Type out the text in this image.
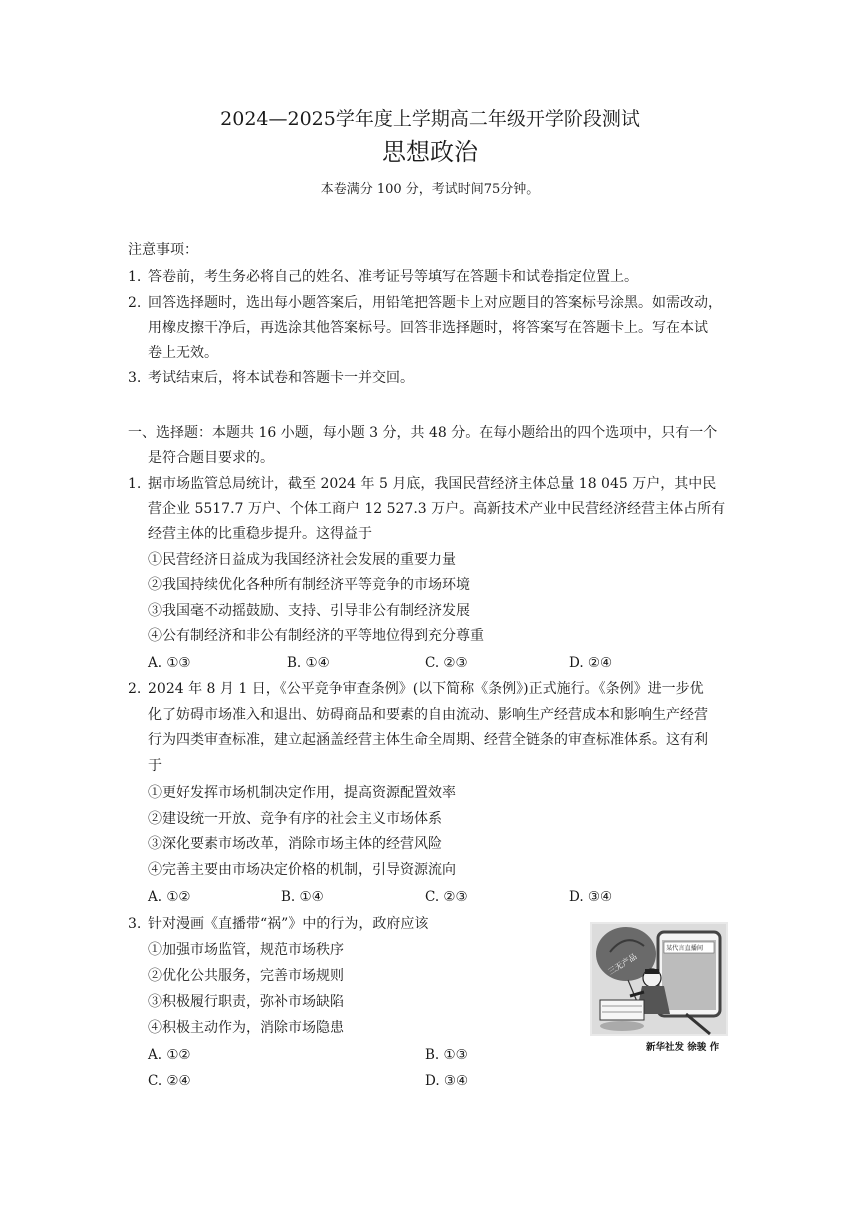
2024—2025学年度上学期高二年级开学阶段测试
思想政治
本卷满分 100 分，考试时间75分钟。
注意事项：
1. 答卷前，考生务必将自己的姓名、准考证号等填写在答题卡和试卷指定位置上。
2. 回答选择题时，选出每小题答案后，用铅笔把答题卡上对应题目的答案标号涂黑。如需改动，
用橡皮擦干净后，再选涂其他答案标号。回答非选择题时，将答案写在答题卡上。写在本试
卷上无效。
3. 考试结束后，将本试卷和答题卡一并交回。
一、选择题：本题共 16 小题，每小题 3 分，共 48 分。在每小题给出的四个选项中，只有一个
是符合题目要求的。
1. 据市场监管总局统计，截至 2024 年 5 月底，我国民营经济主体总量 18 045 万户，其中民
营企业 5517.7 万户、个体工商户 12 527.3 万户。高新技术产业中民营经济经营主体占所有
经营主体的比重稳步提升。这得益于
①民营经济日益成为我国经济社会发展的重要力量
②我国持续优化各种所有制经济平等竞争的市场环境
③我国毫不动摇鼓励、支持、引导非公有制经济发展
④公有制经济和非公有制经济的平等地位得到充分尊重
A. ①③	B. ①④	C. ②③	D. ②④
2. 2024 年 8 月 1 日，《公平竞争审查条例》(以下简称《条例》)正式施行。《条例》进一步优
化了妨碍市场准入和退出、妨碍商品和要素的自由流动、影响生产经营成本和影响生产经营
行为四类审查标准，建立起涵盖经营主体生命全周期、经营全链条的审查标准体系。这有利
于
①更好发挥市场机制决定作用，提高资源配置效率
②建设统一开放、竞争有序的社会主义市场体系
③深化要素市场改革，消除市场主体的经营风险
④完善主要由市场决定价格的机制，引导资源流向
A. ①②	B. ①④	C. ②③	D. ③④
3. 针对漫画《直播带“祸”》中的行为，政府应该
①加强市场监管，规范市场秩序
②优化公共服务，完善市场规则
③积极履行职责，弥补市场缺陷
④积极主动作为，消除市场隐患
A. ①②	B. ①③
C. ②④	D. ③④
三无产品
某代言直播间
新华社发 徐骏 作
